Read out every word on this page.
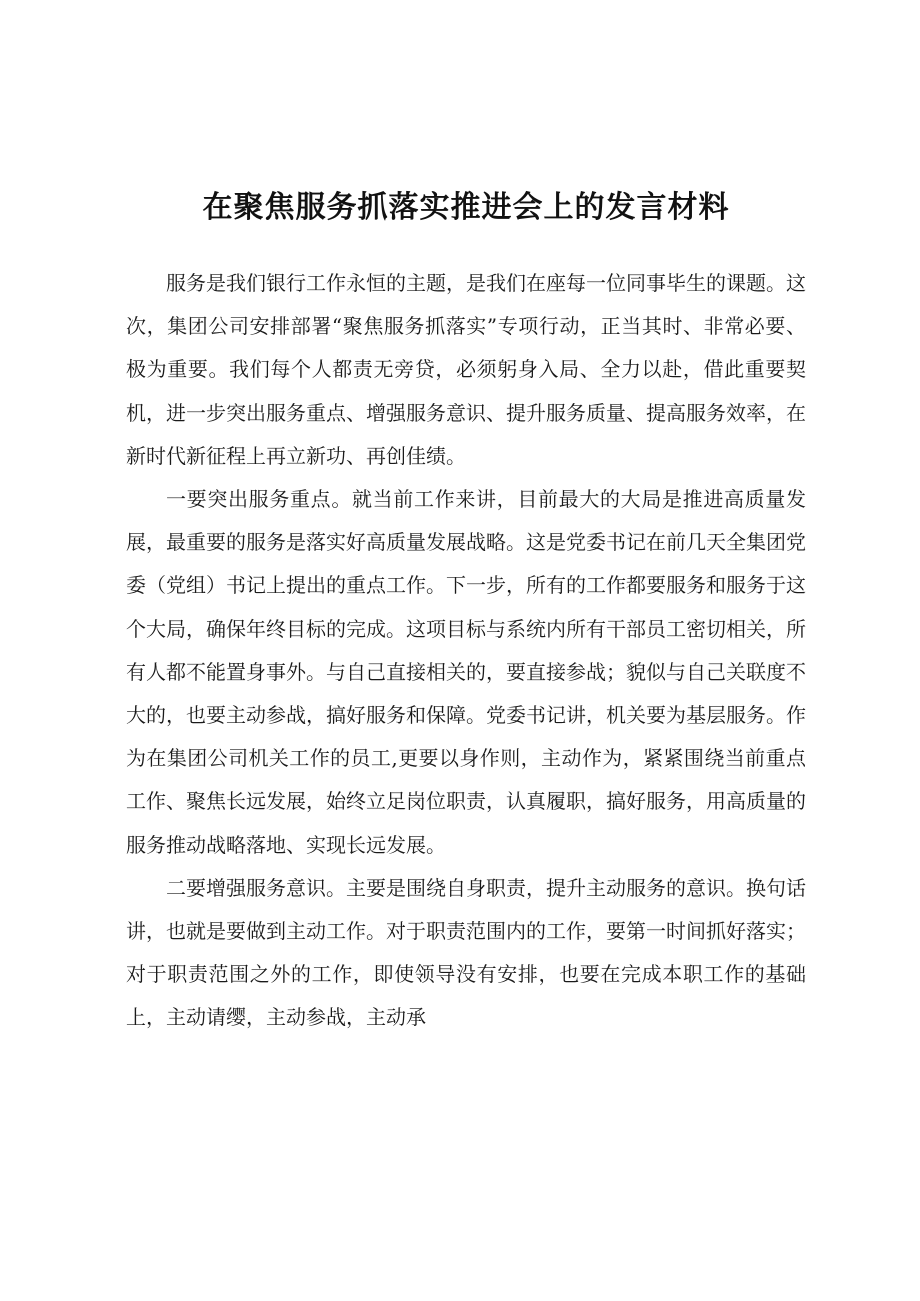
在聚焦服务抓落实推进会上的发言材料

服务是我们银行工作永恒的主题，是我们在座每一位同事毕生的课题。这次，集团公司安排部署“聚焦服务抓落实”专项行动，正当其时、非常必要、极为重要。我们每个人都责无旁贷，必须躬身入局、全力以赴，借此重要契机，进一步突出服务重点、增强服务意识、提升服务质量、提高服务效率，在新时代新征程上再立新功、再创佳绩。

一要突出服务重点。就当前工作来讲，目前最大的大局是推进高质量发展，最重要的服务是落实好高质量发展战略。这是党委书记在前几天全集团党委（党组）书记上提出的重点工作。下一步，所有的工作都要服务和服务于这个大局，确保年终目标的完成。这项目标与系统内所有干部员工密切相关，所有人都不能置身事外。与自己直接相关的，要直接参战；貌似与自己关联度不大的，也要主动参战，搞好服务和保障。党委书记讲，机关要为基层服务。作为在集团公司机关工作的员工,更要以身作则，主动作为，紧紧围绕当前重点工作、聚焦长远发展，始终立足岗位职责，认真履职，搞好服务，用高质量的服务推动战略落地、实现长远发展。

二要增强服务意识。主要是围绕自身职责，提升主动服务的意识。换句话讲，也就是要做到主动工作。对于职责范围内的工作，要第一时间抓好落实；对于职责范围之外的工作，即使领导没有安排，也要在完成本职工作的基础上，主动请缨，主动参战，主动承
